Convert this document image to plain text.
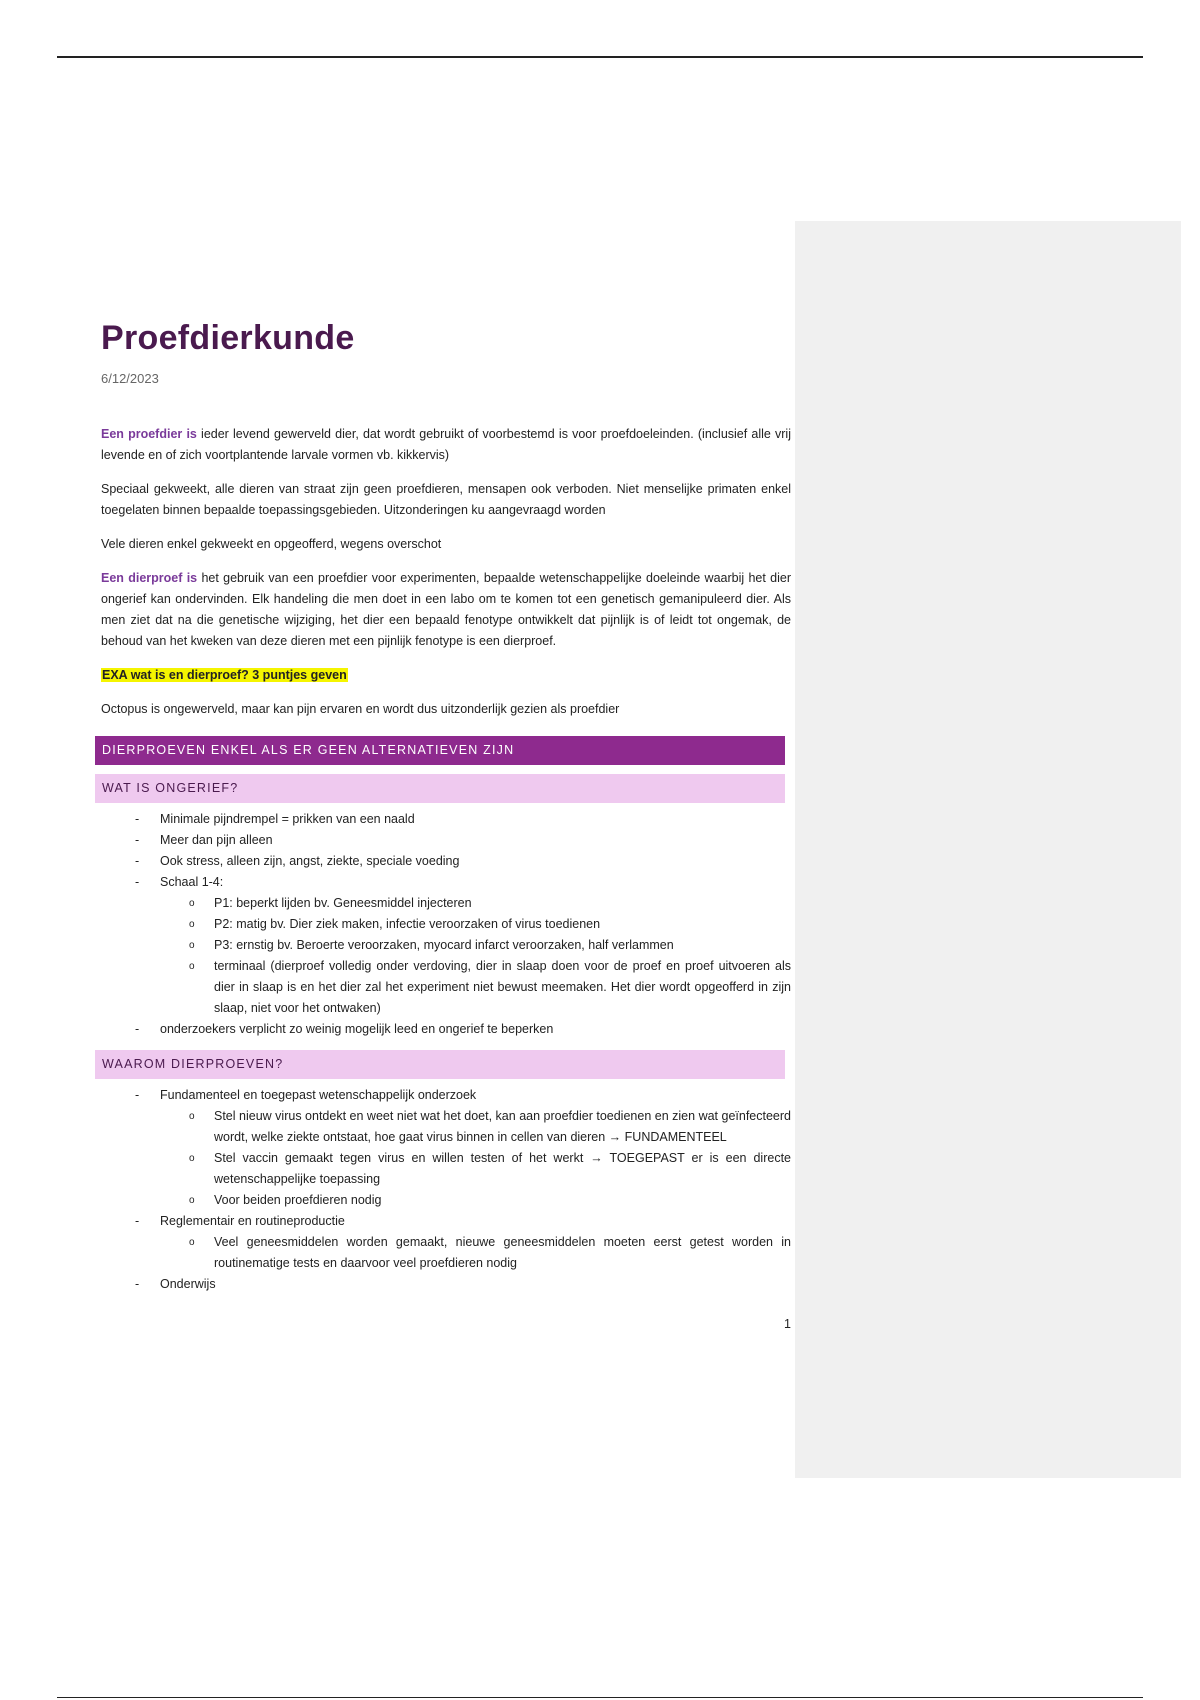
Proefdierkunde
6/12/2023

Een proefdier is ieder levend gewerveld dier, dat wordt gebruikt of voorbestemd is voor proefdoeleinden. (inclusief alle vrij levende en of zich voortplantende larvale vormen vb. kikkervis)

Speciaal gekweekt, alle dieren van straat zijn geen proefdieren, mensapen ook verboden. Niet menselijke primaten enkel toegelaten binnen bepaalde toepassingsgebieden. Uitzonderingen ku aangevraagd worden

Vele dieren enkel gekweekt en opgeofferd, wegens overschot

Een dierproef is het gebruik van een proefdier voor experimenten, bepaalde wetenschappelijke doeleinde waarbij het dier ongerief kan ondervinden. Elk handeling die men doet in een labo om te komen tot een genetisch gemanipuleerd dier. Als men ziet dat na die genetische wijziging, het dier een bepaald fenotype ontwikkelt dat pijnlijk is of leidt tot ongemak, de behoud van het kweken van deze dieren met een pijnlijk fenotype is een dierproef.

EXA wat is en dierproef? 3 puntjes geven

Octopus is ongewerveld, maar kan pijn ervaren en wordt dus uitzonderlijk gezien als proefdier

DIERPROEVEN ENKEL ALS ER GEEN ALTERNATIEVEN ZIJN
WAT IS ONGERIEF?
- Minimale pijndrempel = prikken van een naald
- Meer dan pijn alleen
- Ook stress, alleen zijn, angst, ziekte, speciale voeding
- Schaal 1-4:
o P1: beperkt lijden bv. Geneesmiddel injecteren
o P2: matig bv. Dier ziek maken, infectie veroorzaken of virus toedienen
o P3: ernstig bv. Beroerte veroorzaken, myocard infarct veroorzaken, half verlammen
o terminaal (dierproef volledig onder verdoving, dier in slaap doen voor de proef en proef uitvoeren als dier in slaap is en het dier zal het experiment niet bewust meemaken. Het dier wordt opgeofferd in zijn slaap, niet voor het ontwaken)
- onderzoekers verplicht zo weinig mogelijk leed en ongerief te beperken
WAAROM DIERPROEVEN?
- Fundamenteel en toegepast wetenschappelijk onderzoek
o Stel nieuw virus ontdekt en weet niet wat het doet, kan aan proefdier toedienen en zien wat geïnfecteerd wordt, welke ziekte ontstaat, hoe gaat virus binnen in cellen van dieren → FUNDAMENTEEL
o Stel vaccin gemaakt tegen virus en willen testen of het werkt → TOEGEPAST er is een directe wetenschappelijke toepassing
o Voor beiden proefdieren nodig
- Reglementair en routineproductie
o Veel geneesmiddelen worden gemaakt, nieuwe geneesmiddelen moeten eerst getest worden in routinematige tests en daarvoor veel proefdieren nodig
- Onderwijs
1
